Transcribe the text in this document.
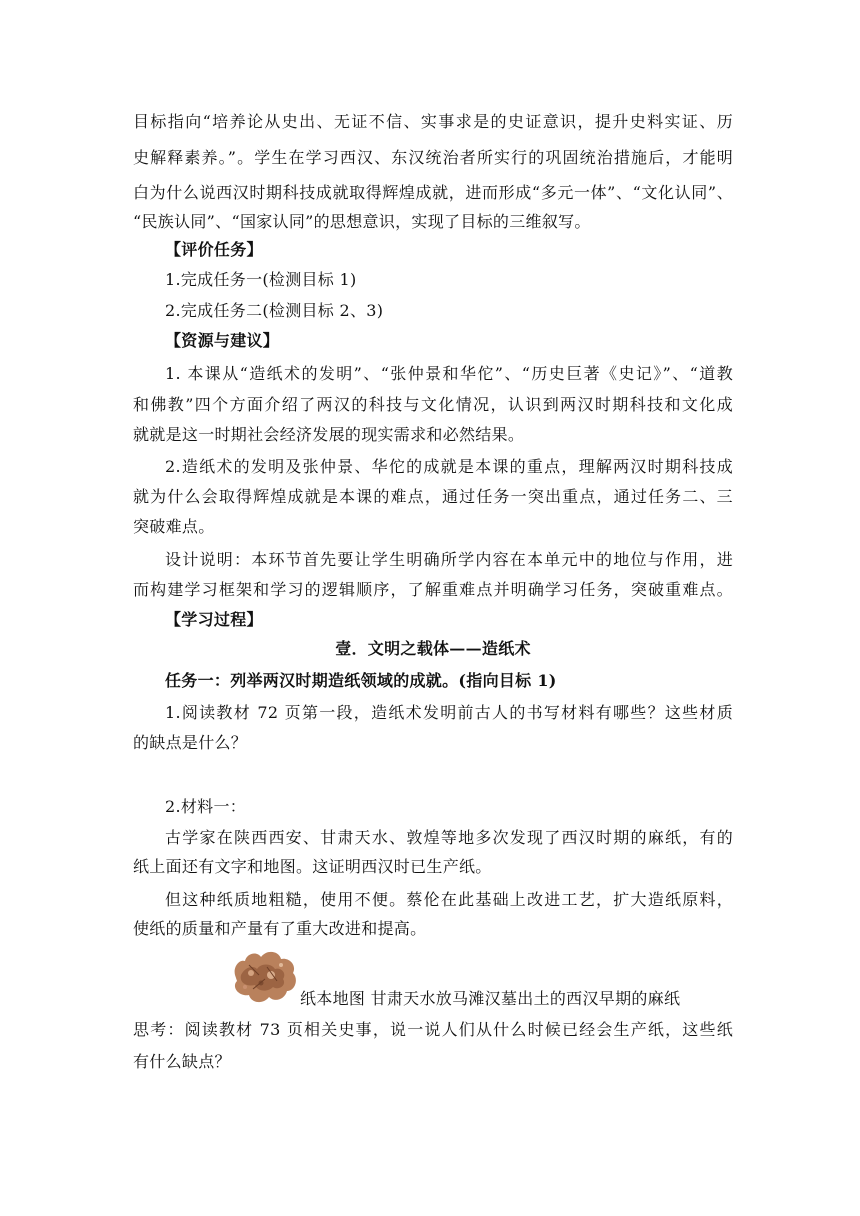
目标指向“培养论从史出、无证不信、实事求是的史证意识，提升史料实证、历
史解释素养。”。学生在学习西汉、东汉统治者所实行的巩固统治措施后，才能明
白为什么说西汉时期科技成就取得辉煌成就，进而形成“多元一体”、“文化认同”、
“民族认同”、“国家认同”的思想意识，实现了目标的三维叙写。
【评价任务】
1.完成任务一(检测目标 1)
2.完成任务二(检测目标 2、3)
【资源与建议】
1. 本课从“造纸术的发明”、“张仲景和华佗”、“历史巨著《史记》”、“道教
和佛教”四个方面介绍了两汉的科技与文化情况，认识到两汉时期科技和文化成
就就是这一时期社会经济发展的现实需求和必然结果。
2.造纸术的发明及张仲景、华佗的成就是本课的重点，理解两汉时期科技成
就为什么会取得辉煌成就是本课的难点，通过任务一突出重点，通过任务二、三
突破难点。
设计说明：本环节首先要让学生明确所学内容在本单元中的地位与作用，进
而构建学习框架和学习的逻辑顺序，了解重难点并明确学习任务，突破重难点。
【学习过程】
壹．文明之载体——造纸术
任务一：列举两汉时期造纸领域的成就。(指向目标 1)
1.阅读教材 72 页第一段，造纸术发明前古人的书写材料有哪些？这些材质
的缺点是什么？
2.材料一：
古学家在陕西西安、甘肃天水、敦煌等地多次发现了西汉时期的麻纸，有的
纸上面还有文字和地图。这证明西汉时已生产纸。
但这种纸质地粗糙，使用不便。蔡伦在此基础上改进工艺，扩大造纸原料，
使纸的质量和产量有了重大改进和提高。
纸本地图 甘肃天水放马滩汉墓出土的西汉早期的麻纸
思考：阅读教材 73 页相关史事，说一说人们从什么时候已经会生产纸，这些纸
有什么缺点？
